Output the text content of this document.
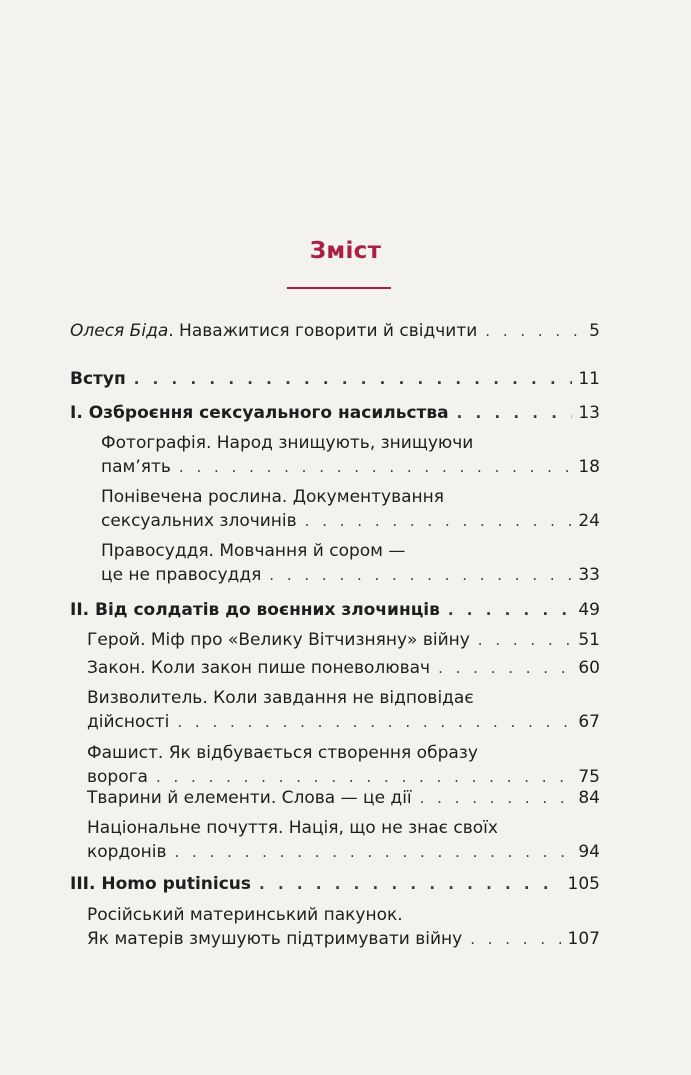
Зміст
Олеся Біда. Наважитися говорити й свідчити . . .	5
Вступ . . .	11
I. Озброєння сексуального насильства . . .	13
Фотографія. Народ знищують, знищуючи
пам’ять . . .	18
Понівечена рослина. Документування
сексуальних злочинів . . .	24
Правосуддя. Мовчання й сором —
це не правосуддя . . .	33
II. Від солдатів до воєнних злочинців . . .	49
Герой. Міф про «Велику Вітчизняну» війну . . .	51
Закон. Коли закон пише поневолювач . . .	60
Визволитель. Коли завдання не відповідає
дійсності . . .	67
Фашист. Як відбувається створення образу
ворога . . .	75
Тварини й елементи. Слова — це дії . . .	84
Національне почуття. Нація, що не знає своїх
кордонів . . .	94
III. Homo putinicus . . .	105
Російський материнський пакунок.
Як матерів змушують підтримувати війну . . .	107
